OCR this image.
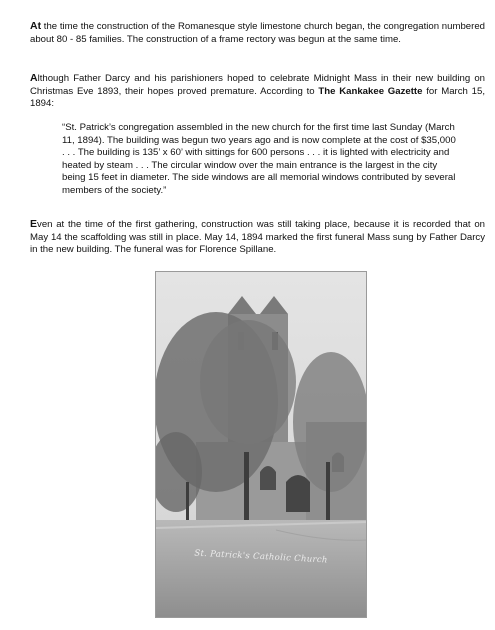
At the time the construction of the Romanesque style limestone church began, the congregation numbered about 80 - 85 families. The construction of a frame rectory was begun at the same time.

Although Father Darcy and his parishioners hoped to celebrate Midnight Mass in their new building on Christmas Eve 1893, their hopes proved premature. According to The Kankakee Gazette for March 15, 1894:

“St. Patrick’s congregation assembled in the new church for the first time last Sunday (March 11, 1894). The building was begun two years ago and is now complete at the cost of $35,000 . . . The building is 135’ x 60’ with sittings for 600 persons . . . it is lighted with electricity and heated by steam . . . The circular window over the main entrance is the largest in the city being 15 feet in diameter. The side windows are all memorial windows contributed by several members of the society.”

Even at the time of the first gathering, construction was still taking place, because it is recorded that on May 14 the scaffolding was still in place. May 14, 1894 marked the first funeral Mass sung by Father Darcy in the new building. The funeral was for Florence Spillane.

St. Patrick's Catholic Church
